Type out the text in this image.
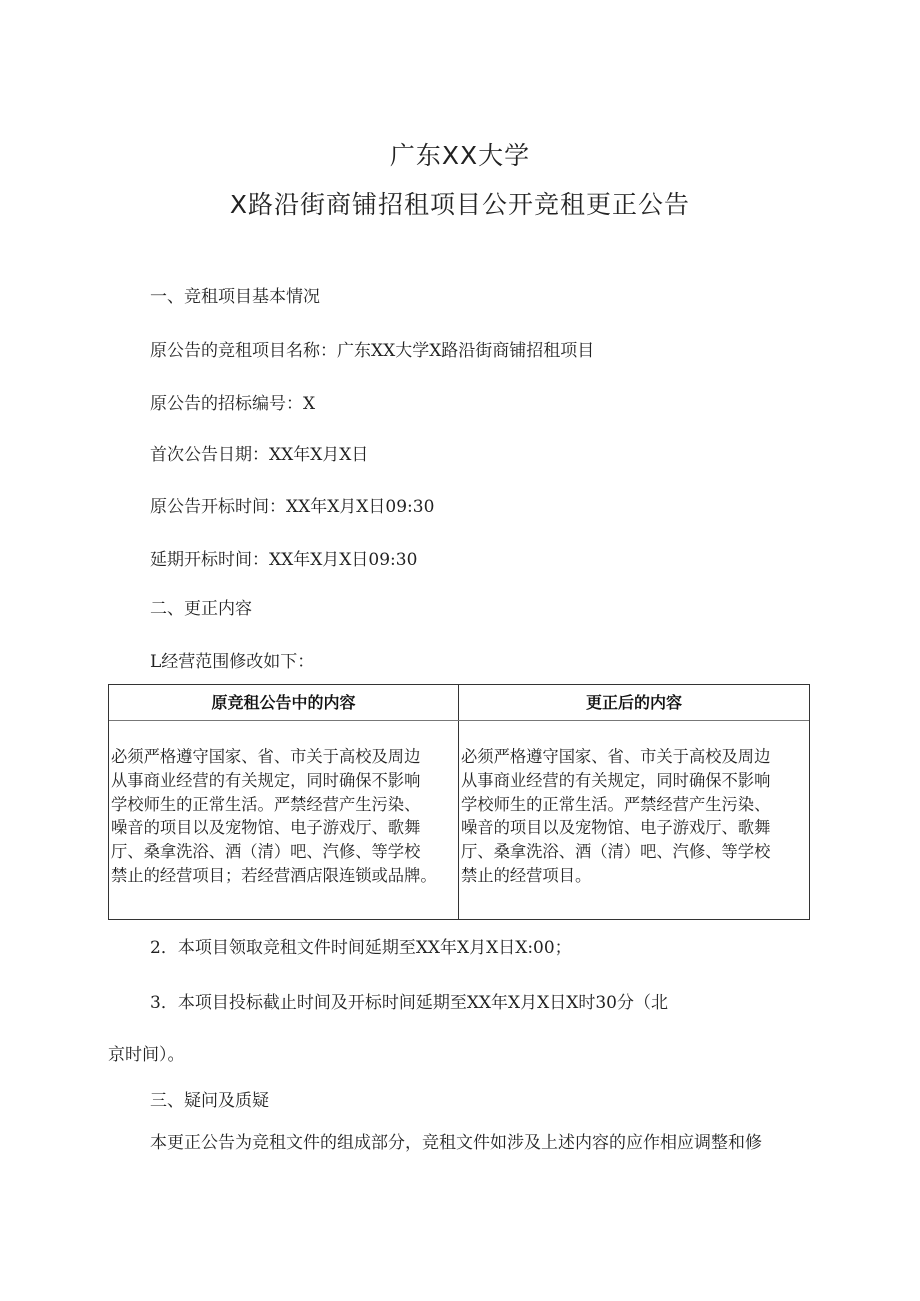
广东XX大学
X路沿街商铺招租项目公开竞租更正公告
一、竞租项目基本情况
原公告的竞租项目名称：广东XX大学X路沿街商铺招租项目
原公告的招标编号：X
首次公告日期：XX年X月X日
原公告开标时间：XX年X月X日09:30
延期开标时间：XX年X月X日09:30
二、更正内容
L经营范围修改如下：
原竞租公告中的内容	更正后的内容
必须严格遵守国家、省、市关于高校及周边
从事商业经营的有关规定，同时确保不影响
学校师生的正常生活。严禁经营产生污染、
噪音的项目以及宠物馆、电子游戏厅、歌舞
厅、桑拿洗浴、酒（清）吧、汽修、等学校
禁止的经营项目；若经营酒店限连锁或品牌。
必须严格遵守国家、省、市关于高校及周边
从事商业经营的有关规定，同时确保不影响
学校师生的正常生活。严禁经营产生污染、
噪音的项目以及宠物馆、电子游戏厅、歌舞
厅、桑拿洗浴、酒（清）吧、汽修、等学校
禁止的经营项目。
2．本项目领取竞租文件时间延期至XX年X月X日X:00；
3．本项目投标截止时间及开标时间延期至XX年X月X日X时30分（北
京时间）。
三、疑问及质疑
本更正公告为竞租文件的组成部分，竞租文件如涉及上述内容的应作相应调整和修
